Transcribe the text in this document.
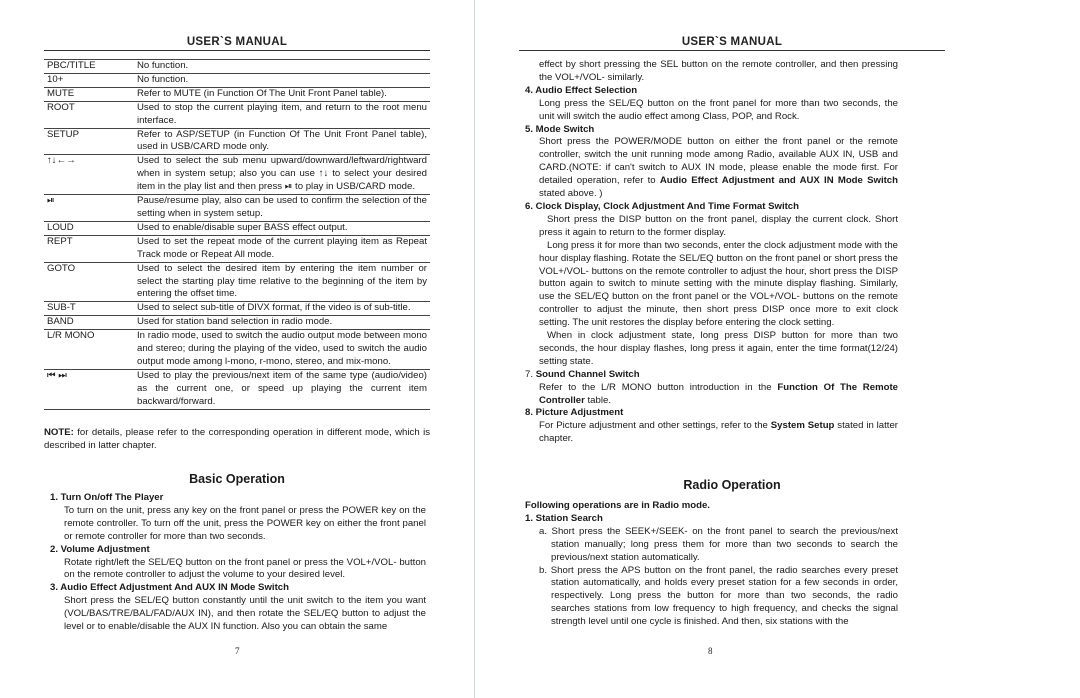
USER`S MANUAL
PBC/TITLE	No function.
10+	No function.
MUTE	Refer to MUTE (in Function Of The Unit Front Panel table).
ROOT	Used to stop the current playing item, and return to the root menu interface.
SETUP	Refer to ASP/SETUP (in Function Of The Unit Front Panel table), used in USB/CARD mode only.
↑↓←→	Used to select the sub menu upward/downward/leftward/rightward when in system setup; also you can use ↑↓ to select your desired item in the play list and then press ⏯ to play in USB/CARD mode.
⏯	Pause/resume play, also can be used to confirm the selection of the setting when in system setup.
LOUD	Used to enable/disable super BASS effect output.
REPT	Used to set the repeat mode of the current playing item as Repeat Track mode or Repeat All mode.
GOTO	Used to select the desired item by entering the item number or select the starting play time relative to the beginning of the item by entering the offset time.
SUB-T	Used to select sub-title of DIVX format, if the video is of sub-title.
BAND	Used for station band selection in radio mode.
L/R MONO	In radio mode, used to switch the audio output mode between mono and stereo; during the playing of the video, used to switch the audio output mode among l-mono, r-mono, stereo, and mix-mono.
⏮ ⏭	Used to play the previous/next item of the same type (audio/video) as the current one, or speed up playing the current item backward/forward.
NOTE: for details, please refer to the corresponding operation in different mode, which is described in latter chapter.
Basic Operation
1. Turn On/off The Player
To turn on the unit, press any key on the front panel or press the POWER key on the remote controller. To turn off the unit, press the POWER key on either the front panel or remote controller for more than two seconds.
2. Volume Adjustment
Rotate right/left the SEL/EQ button on the front panel or press the VOL+/VOL- button on the remote controller to adjust the volume to your desired level.
3. Audio Effect Adjustment And AUX IN Mode Switch
Short press the SEL/EQ button constantly until the unit switch to the item you want (VOL/BAS/TRE/BAL/FAD/AUX IN), and then rotate the SEL/EQ button to adjust the level or to enable/disable the AUX IN function. Also you can obtain the same
7
USER`S MANUAL
effect by short pressing the SEL button on the remote controller, and then pressing the VOL+/VOL- similarly.
4. Audio Effect Selection
Long press the SEL/EQ button on the front panel for more than two seconds, the unit will switch the audio effect among Class, POP, and Rock.
5. Mode Switch
Short press the POWER/MODE button on either the front panel or the remote controller, switch the unit running mode among Radio, available AUX IN, USB and CARD.(NOTE: if can't switch to AUX IN mode, please enable the mode first. For detailed operation, refer to Audio Effect Adjustment and AUX IN Mode Switch stated above. )
6. Clock Display, Clock Adjustment And Time Format Switch
Short press the DISP button on the front panel, display the current clock. Short press it again to return to the former display.
Long press it for more than two seconds, enter the clock adjustment mode with the hour display flashing. Rotate the SEL/EQ button on the front panel or short press the VOL+/VOL- buttons on the remote controller to adjust the hour, short press the DISP button again to switch to minute setting with the minute display flashing. Similarly, use the SEL/EQ button on the front panel or the VOL+/VOL- buttons on the remote controller to adjust the minute, then short press DISP once more to exit clock setting. The unit restores the display before entering the clock setting.
When in clock adjustment state, long press DISP button for more than two seconds, the hour display flashes, long press it again, enter the time format(12/24) setting state.
7. Sound Channel Switch
Refer to the L/R MONO button introduction in the Function Of The Remote Controller table.
8. Picture Adjustment
For Picture adjustment and other settings, refer to the System Setup stated in latter chapter.
Radio Operation
Following operations are in Radio mode.
1. Station Search
a. Short press the SEEK+/SEEK- on the front panel to search the previous/next station manually; long press them for more than two seconds to search the previous/next station automatically.
b. Short press the APS button on the front panel, the radio searches every preset station automatically, and holds every preset station for a few seconds in order, respectively. Long press the button for more than two seconds, the radio searches stations from low frequency to high frequency, and checks the signal strength level until one cycle is finished. And then, six stations with the
8
